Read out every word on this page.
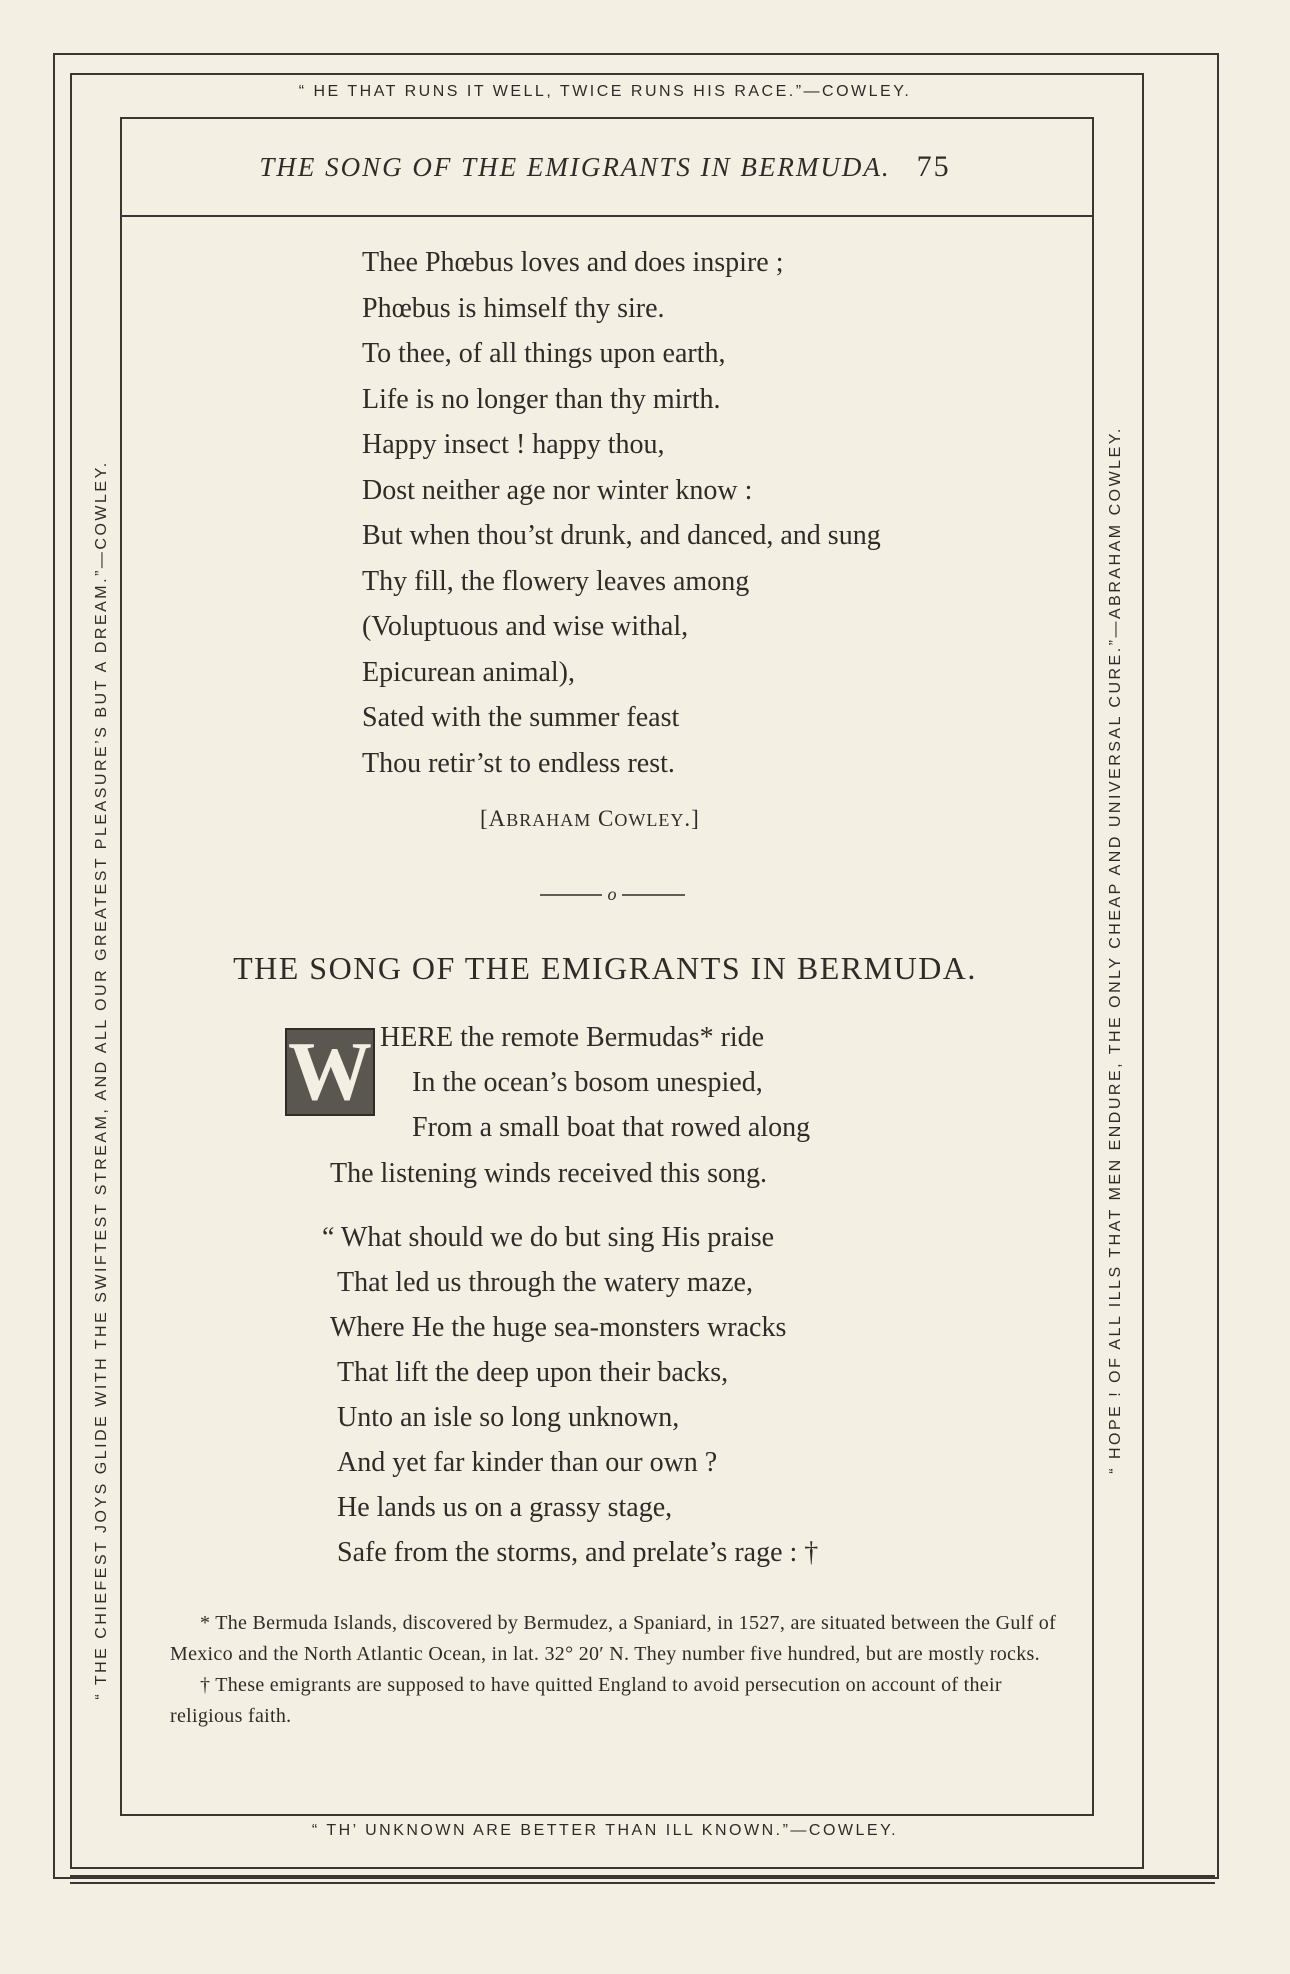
“ HE THAT RUNS IT WELL, TWICE RUNS HIS RACE.”—COWLEY.
“ TH’ UNKNOWN ARE BETTER THAN ILL KNOWN.”—COWLEY.
“ THE CHIEFEST JOYS GLIDE WITH THE SWIFTEST STREAM, AND ALL OUR GREATEST PLEASURE’S BUT A DREAM.”—COWLEY.	“ HOPE ! OF ALL ILLS THAT MEN ENDURE, THE ONLY CHEAP AND UNIVERSAL CURE.”—ABRAHAM COWLEY.
THE SONG OF THE EMIGRANTS IN BERMUDA. 75
Thee Phœbus loves and does inspire ;
Phœbus is himself thy sire.
To thee, of all things upon earth,
Life is no longer than thy mirth.
Happy insect ! happy thou,
Dost neither age nor winter know :
But when thou’st drunk, and danced, and sung
Thy fill, the flowery leaves among
(Voluptuous and wise withal,
Epicurean animal),
Sated with the summer feast
Thou retir’st to endless rest.
[ABRAHAM COWLEY.]
o
THE SONG OF THE EMIGRANTS IN BERMUDA.
W HERE the remote Bermudas* ride
In the ocean’s bosom unespied,
From a small boat that rowed along
The listening winds received this song.
“ What should we do but sing His praise
That led us through the watery maze,
Where He the huge sea-monsters wracks
That lift the deep upon their backs,
Unto an isle so long unknown,
And yet far kinder than our own ?
He lands us on a grassy stage,
Safe from the storms, and prelate’s rage : †

* The Bermuda Islands, discovered by Bermudez, a Spaniard, in 1527, are situated between the Gulf of Mexico and the North Atlantic Ocean, in lat. 32° 20′ N. They number five hundred, but are mostly rocks.

† These emigrants are supposed to have quitted England to avoid persecution on account of their religious faith.
